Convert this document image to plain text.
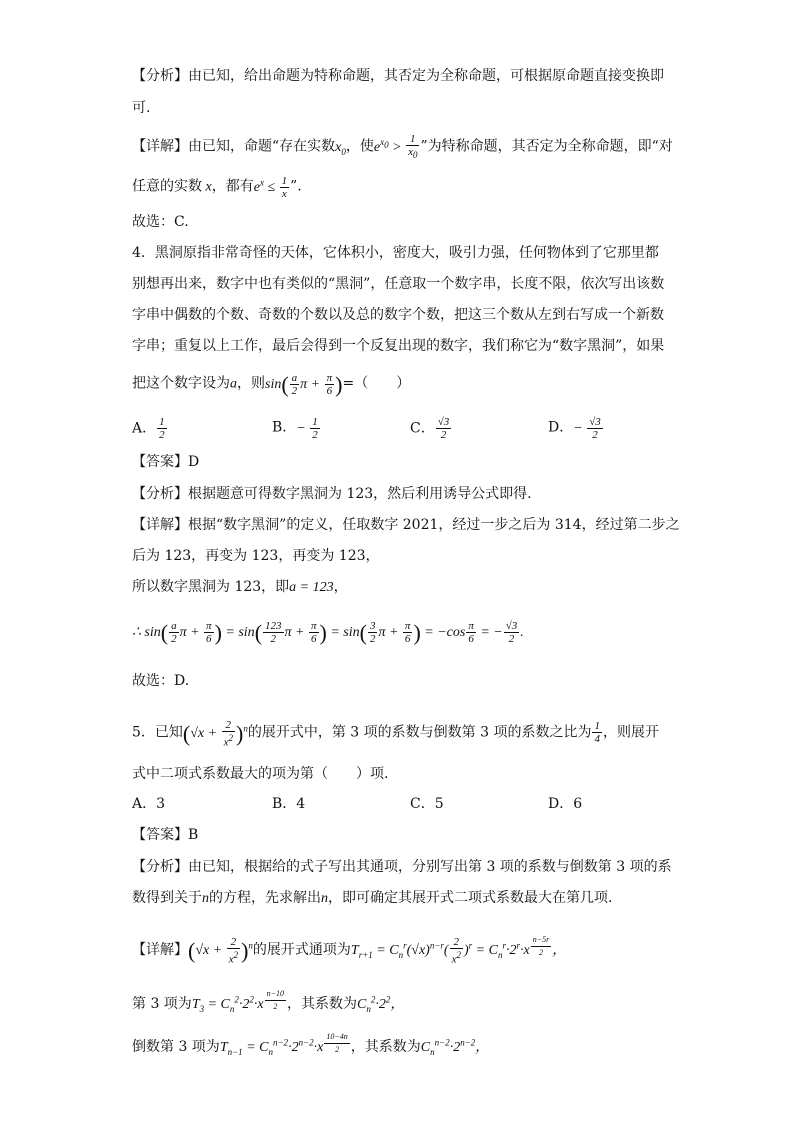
【分析】由已知，给出命题为特称命题，其否定为全称命题，可根据原命题直接变换即
可.
【详解】由已知，命题“存在实数$x_0$，使$e^{x_0} > \frac{1}{x_0}$ ”为特称命题，其否定为全称命题，即“对
任意的实数 x，都有$e^x \le \frac{1}{x}$ ”.
故选：C.
4．黑洞原指非常奇怪的天体，它体积小，密度大，吸引力强，任何物体到了它那里都
别想再出来，数字中也有类似的“黑洞”，任意取一个数字串，长度不限，依次写出该数
字串中偶数的个数、奇数的个数以及总的数字个数，把这三个数从左到右写成一个新数
字串；重复以上工作，最后会得到一个反复出现的数字，我们称它为“数字黑洞”，如果
把这个数字设为a，则$\sin( \frac{a}{2}$ $\pi + \frac{\pi}{6}$ )=（　　）
A． $\frac{1}{2}$	B．− $\frac{1}{2}$	C． $\frac{√3}{2}$	D．− $\frac{√3}{2}$
【答案】D
【分析】根据题意可得数字黑洞为 123，然后利用诱导公式即得.
【详解】根据“数字黑洞”的定义，任取数字 2021，经过一步之后为 314，经过第二步之
后为 123，再变为 123，再变为 123，
所以数字黑洞为 123，即a = 123，
∴ $\sin( \frac{a}{2}$ $\pi + \frac{\pi}{6}$ ) = $\sin( \frac{123}{2}$ $\pi + \frac{\pi}{6}$ ) = $\sin( \frac{3}{2}$ $\pi + \frac{\pi}{6}$ ) = $-\cos \frac{\pi}{6}$ = − $\frac{√3}{2}$ .
故选：D.
5．已知$(√x + \frac{2}{x^2} )^n$的展开式中，第 3 项的系数与倒数第 3 项的系数之比为 $\frac{1}{4}$ ，则展开
式中二项式系数最大的项为第（　　）项.
A．3	B．4	C．5	D．6
【答案】B
【分析】由已知，根据给的式子写出其通项，分别写出第 3 项的系数与倒数第 3 项的系
数得到关于n的方程，先求解出n，即可确定其展开式二项式系数最大在第几项.
【详解】$(√x + \frac{2}{x^2} )^n$的展开式通项为$T_{r+1} = C_n^r(√x)^{n-r}( \frac{2}{x^2} )^r = C_n^r\cdot 2^r\cdot x$ $^{\frac{n-5r}{2}}$ ，
第 3 项为$T_3 = C_n^2\cdot 2^2\cdot x$ $^{\frac{n-10}{2}}$ ，其系数为$C_n^2\cdot 2^2$，
倒数第 3 项为$T_{n-1} = C_n^{n-2}\cdot 2^{n-2}\cdot x$ $^{\frac{10-4n}{2}}$ ，其系数为$C_n^{n-2}\cdot 2^{n-2}$，
